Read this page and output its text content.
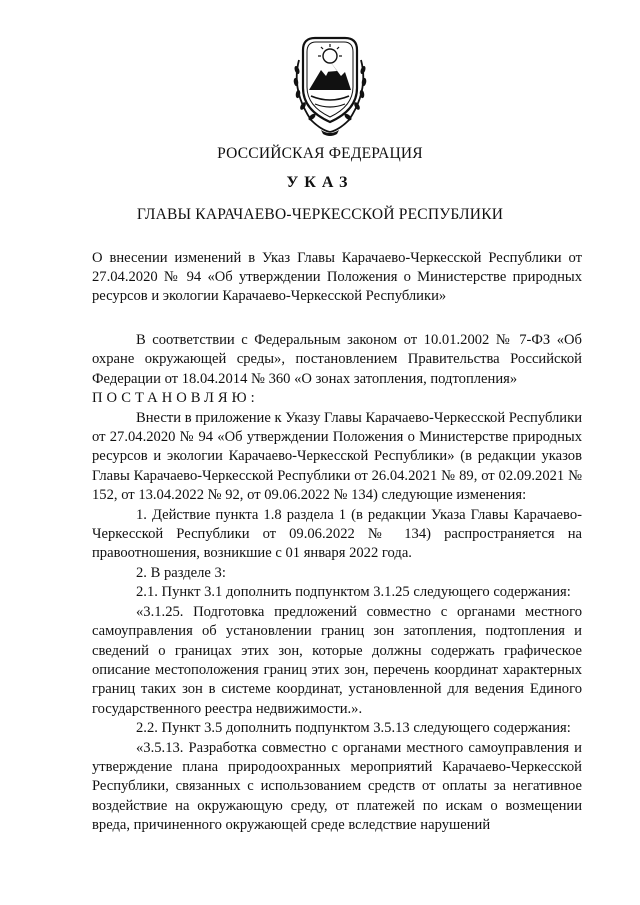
РОССИЙСКАЯ ФЕДЕРАЦИЯ
УКАЗ
ГЛАВЫ КАРАЧАЕВО-ЧЕРКЕССКОЙ РЕСПУБЛИКИ
О внесении изменений в Указ Главы Карачаево-Черкесской Республики от 27.04.2020 № 94 «Об утверждении Положения о Министерстве природных ресурсов и экологии Карачаево-Черкесской Республики»

В соответствии с Федеральным законом от 10.01.2002 № 7-ФЗ «Об охране окружающей среды», постановлением Правительства Российской Федерации от 18.04.2014 № 360 «О зонах затопления, подтопления»

ПОСТАНОВЛЯЮ:

Внести в приложение к Указу Главы Карачаево-Черкесской Республики от 27.04.2020 № 94 «Об утверждении Положения о Министерстве природных ресурсов и экологии Карачаево-Черкесской Республики» (в редакции указов Главы Карачаево-Черкесской Республики от 26.04.2021 № 89, от 02.09.2021 № 152, от 13.04.2022 № 92, от 09.06.2022 № 134) следующие изменения:

1. Действие пункта 1.8 раздела 1 (в редакции Указа Главы Карачаево-Черкесской Республики от 09.06.2022 № 134) распространяется на правоотношения, возникшие с 01 января 2022 года.

2. В разделе 3:

2.1. Пункт 3.1 дополнить подпунктом 3.1.25 следующего содержания:

«3.1.25. Подготовка предложений совместно с органами местного самоуправления об установлении границ зон затопления, подтопления и сведений о границах этих зон, которые должны содержать графическое описание местоположения границ этих зон, перечень координат характерных границ таких зон в системе координат, установленной для ведения Единого государственного реестра недвижимости.».

2.2. Пункт 3.5 дополнить подпунктом 3.5.13 следующего содержания:

«3.5.13. Разработка совместно с органами местного самоуправления и утверждение плана природоохранных мероприятий Карачаево-Черкесской Республики, связанных с использованием средств от оплаты за негативное воздействие на окружающую среду, от платежей по искам о возмещении вреда, причиненного окружающей среде вследствие нарушений
